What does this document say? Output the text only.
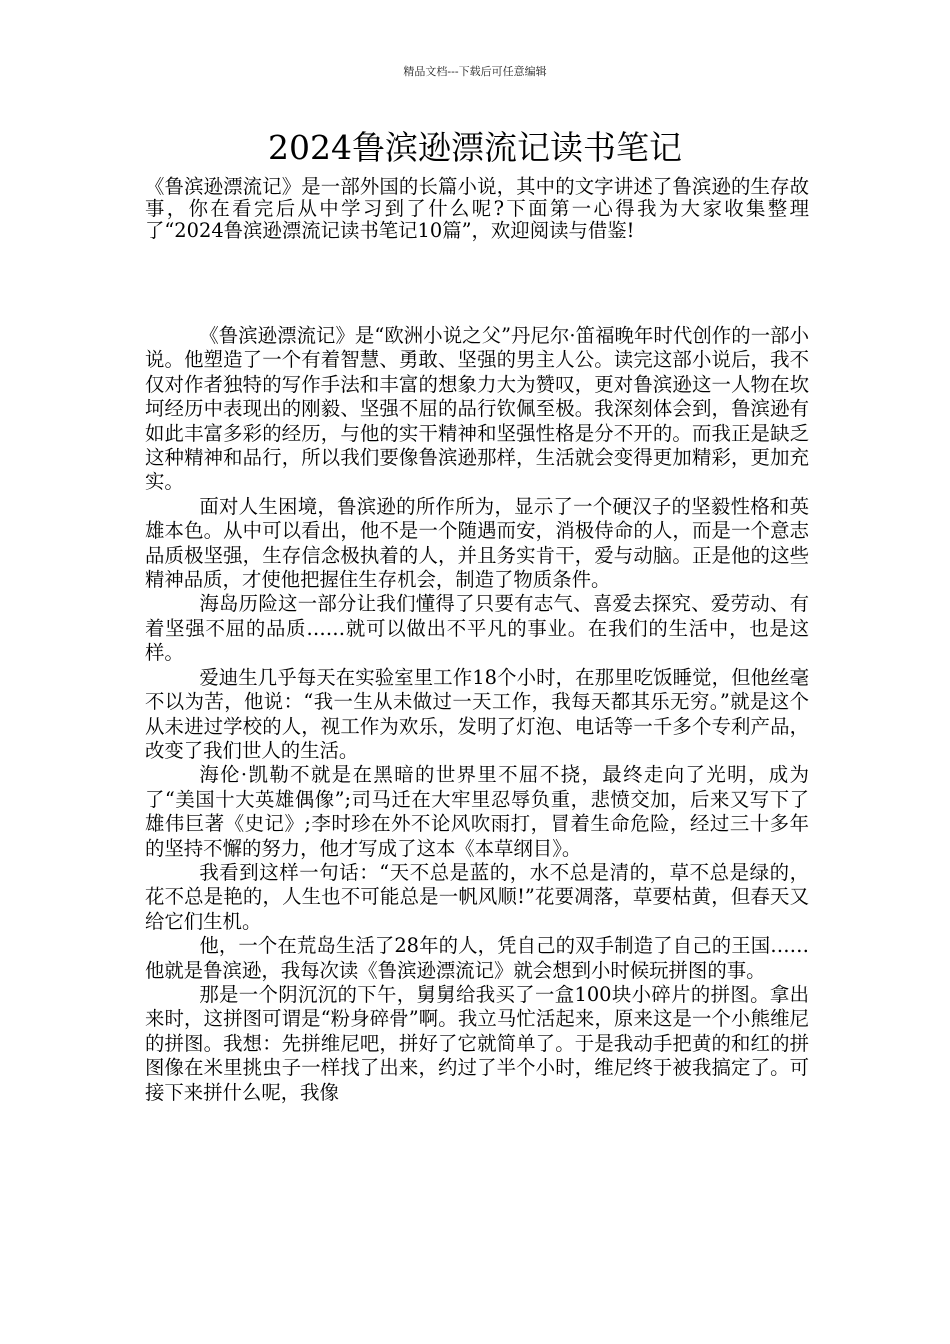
精品文档---下载后可任意编辑
2024鲁滨逊漂流记读书笔记

《鲁滨逊漂流记》是一部外国的长篇小说，其中的文字讲述了鲁滨逊的生存故事，你在看完后从中学习到了什么呢?下面第一心得我为大家收集整理了“2024鲁滨逊漂流记读书笔记10篇”，欢迎阅读与借鉴!

《鲁滨逊漂流记》是“欧洲小说之父”丹尼尔·笛福晚年时代创作的一部小说。他塑造了一个有着智慧、勇敢、坚强的男主人公。读完这部小说后，我不仅对作者独特的写作手法和丰富的想象力大为赞叹，更对鲁滨逊这一人物在坎坷经历中表现出的刚毅、坚强不屈的品行钦佩至极。我深刻体会到，鲁滨逊有如此丰富多彩的经历，与他的实干精神和坚强性格是分不开的。而我正是缺乏这种精神和品行，所以我们要像鲁滨逊那样，生活就会变得更加精彩，更加充实。

面对人生困境，鲁滨逊的所作所为，显示了一个硬汉子的坚毅性格和英雄本色。从中可以看出，他不是一个随遇而安，消极侍命的人，而是一个意志品质极坚强，生存信念极执着的人，并且务实肯干，爱与动脑。正是他的这些精神品质，才使他把握住生存机会，制造了物质条件。

海岛历险这一部分让我们懂得了只要有志气、喜爱去探究、爱劳动、有着坚强不屈的品质……就可以做出不平凡的事业。在我们的生活中，也是这样。

爱迪生几乎每天在实验室里工作18个小时，在那里吃饭睡觉，但他丝毫不以为苦，他说：“我一生从未做过一天工作，我每天都其乐无穷。”就是这个从未进过学校的人，视工作为欢乐，发明了灯泡、电话等一千多个专利产品，改变了我们世人的生活。

海伦·凯勒不就是在黑暗的世界里不屈不挠，最终走向了光明，成为了“美国十大英雄偶像”;司马迁在大牢里忍辱负重，悲愤交加，后来又写下了雄伟巨著《史记》;李时珍在外不论风吹雨打，冒着生命危险，经过三十多年的坚持不懈的努力，他才写成了这本《本草纲目》。

我看到这样一句话：“天不总是蓝的，水不总是清的，草不总是绿的，花不总是艳的，人生也不可能总是一帆风顺!”花要凋落，草要枯黄，但春天又给它们生机。

他，一个在荒岛生活了28年的人，凭自己的双手制造了自己的王国……他就是鲁滨逊，我每次读《鲁滨逊漂流记》就会想到小时候玩拼图的事。

那是一个阴沉沉的下午，舅舅给我买了一盒100块小碎片的拼图。拿出来时，这拼图可谓是“粉身碎骨”啊。我立马忙活起来，原来这是一个小熊维尼的拼图。我想：先拼维尼吧，拼好了它就简单了。于是我动手把黄的和红的拼图像在米里挑虫子一样找了出来，约过了半个小时，维尼终于被我搞定了。可接下来拼什么呢，我像
